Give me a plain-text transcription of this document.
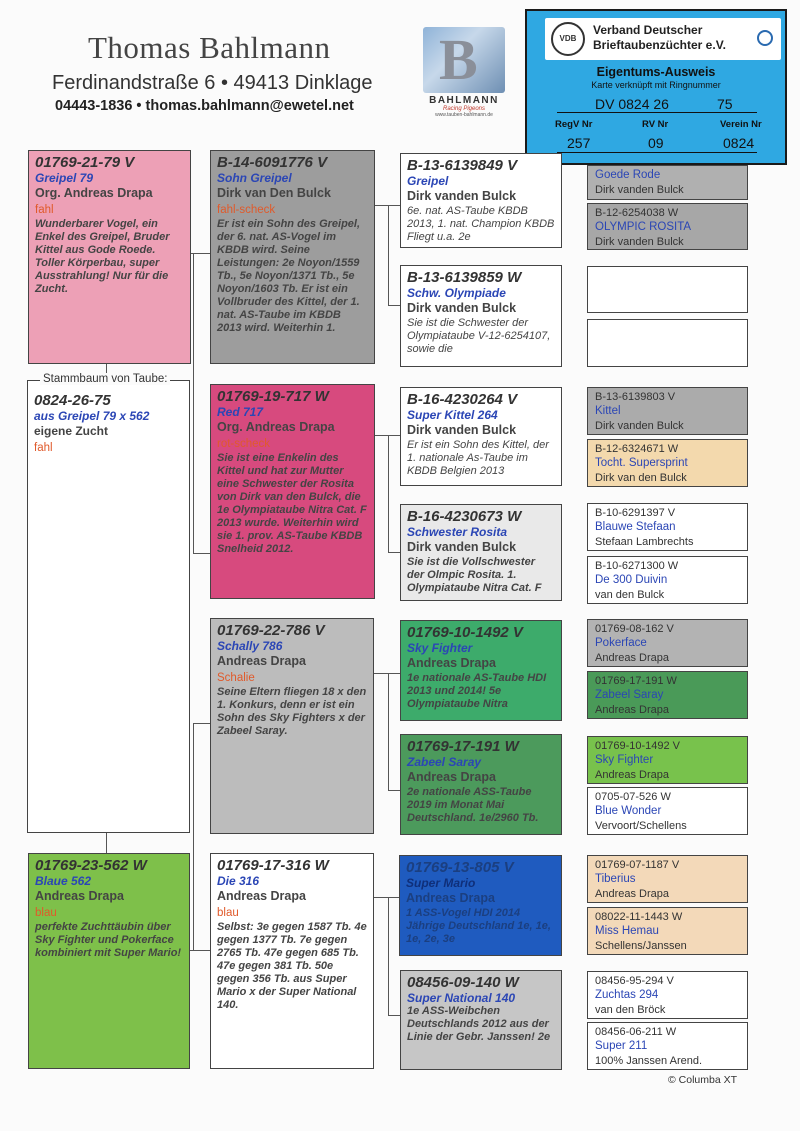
Thomas Bahlmann
Ferdinandstraße 6 • 49413 Dinklage
04443-1836 • thomas.bahlmann@ewetel.net
B
BAHLMANN
Racing Pigeons
www.tauben-bahlmann.de
VDB
Verband Deutscher
Brieftaubenzüchter e.V.
Eigentums-Ausweis
Karte verknüpft mit Ringnummer
DV 0824 26	75
RegV Nr	RV Nr	Verein Nr
257	09	0824
0824-26-75
aus Greipel 79 x 562
eigene Zucht
fahl
Stammbaum von Taube:
01769-21-79 V
Greipel 79
Org. Andreas Drapa
fahl
Wunderbarer Vogel, ein Enkel des Greipel, Bruder Kittel aus Gode Roede. Toller Körperbau, super Ausstrahlung! Nur für die Zucht.
01769-23-562 W
Blaue 562
Andreas Drapa
blau
perfekte Zuchttäubin über Sky Fighter und Pokerface kombiniert mit Super Mario!
B-14-6091776 V
Sohn Greipel
Dirk van Den Bulck
fahl-scheck
Er ist ein Sohn des Greipel, der 6. nat. AS-Vogel im KBDB wird. Seine Leistungen: 2e Noyon/1559 Tb., 5e Noyon/1371 Tb., 5e Noyon/1603 Tb. Er ist ein Vollbruder des Kittel, der 1. nat. AS-Taube im KBDB 2013 wird. Weiterhin 1.
01769-19-717 W
Red 717
Org. Andreas Drapa
rot-scheck
Sie ist eine Enkelin des Kittel und hat zur Mutter eine Schwester der Rosita von Dirk van den Bulck, die 1e Olympiataube Nitra Cat. F 2013 wurde. Weiterhin wird sie 1. prov. AS-Taube KBDB Snelheid 2012.
01769-22-786 V
Schally 786
Andreas Drapa
Schalie
Seine Eltern fliegen 18 x den 1. Konkurs, denn er ist ein Sohn des Sky Fighters x der Zabeel Saray.
01769-17-316 W
Die 316
Andreas Drapa
blau
Selbst: 3e gegen 1587 Tb. 4e gegen 1377 Tb. 7e gegen 2765 Tb. 47e gegen 685 Tb. 47e gegen 381 Tb. 50e gegen 356 Tb. aus Super Mario x der Super National 140.
B-13-6139849 V
Greipel
Dirk vanden Bulck
6e. nat. AS-Taube KBDB 2013, 1. nat. Champion KBDB Fliegt u.a. 2e
B-13-6139859 W
Schw. Olympiade
Dirk vanden Bulck
Sie ist die Schwester der Olympiataube V-12-6254107, sowie die
B-16-4230264 V
Super Kittel 264
Dirk vanden Bulck
Er ist ein Sohn des Kittel, der 1. nationale As-Taube im KBDB Belgien 2013
B-16-4230673 W
Schwester Rosita
Dirk vanden Bulck
Sie ist die Vollschwester der Olmpic Rosita. 1. Olympiataube Nitra Cat. F
01769-10-1492 V
Sky Fighter
Andreas Drapa
1e nationale AS-Taube HDI 2013 und 2014! 5e Olympiataube Nitra
01769-17-191 W
Zabeel Saray
Andreas Drapa
2e nationale ASS-Taube 2019 im Monat Mai Deutschland. 1e/2960 Tb.
01769-13-805 V
Super Mario
Andreas Drapa
1 ASS-Vogel HDI 2014 Jährige Deutschland 1e, 1e, 1e, 2e, 3e
08456-09-140 W
Super National 140
1e ASS-Weibchen Deutschlands 2012 aus der Linie der Gebr. Janssen! 2e
Goede Rode
Dirk vanden Bulck
B-12-6254038 W
OLYMPIC ROSITA
Dirk vanden Bulck
B-13-6139803 V
Kittel
Dirk vanden Bulck
B-12-6324671 W
Tocht. Supersprint
Dirk van den Bulck
B-10-6291397 V
Blauwe Stefaan
Stefaan Lambrechts
B-10-6271300 W
De 300 Duivin
van den Bulck
01769-08-162 V
Pokerface
Andreas Drapa
01769-17-191 W
Zabeel Saray
Andreas Drapa
01769-10-1492 V
Sky Fighter
Andreas Drapa
0705-07-526 W
Blue Wonder
Vervoort/Schellens
01769-07-1187 V
Tiberius
Andreas Drapa
08022-11-1443 W
Miss Hemau
Schellens/Janssen
08456-95-294 V
Zuchtas 294
van den Bröck
08456-06-211 W
Super 211
100% Janssen Arend.
© Columba XT
